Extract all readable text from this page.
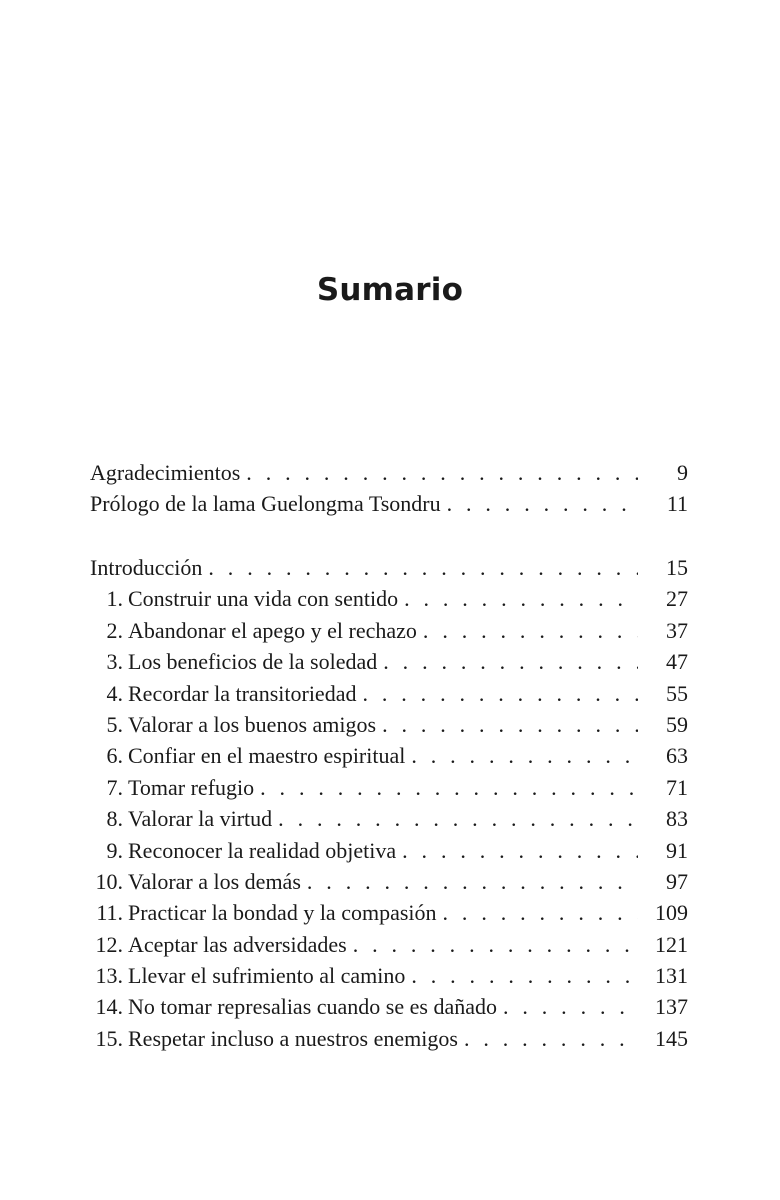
Sumario
Agradecimientos . . .	9
Prólogo de la lama Guelongma Tsondru . . .	11
Introducción . . .	15
1. Construir una vida con sentido . . .	27
2. Abandonar el apego y el rechazo . . .	37
3. Los beneficios de la soledad . . .	47
4. Recordar la transitoriedad . . .	55
5. Valorar a los buenos amigos . . .	59
6. Confiar en el maestro espiritual . . .	63
7. Tomar refugio . . .	71
8. Valorar la virtud . . .	83
9. Reconocer la realidad objetiva . . .	91
10. Valorar a los demás . . .	97
11. Practicar la bondad y la compasión . . .	109
12. Aceptar las adversidades . . .	121
13. Llevar el sufrimiento al camino . . .	131
14. No tomar represalias cuando se es dañado . . .	137
15. Respetar incluso a nuestros enemigos . . .	145
